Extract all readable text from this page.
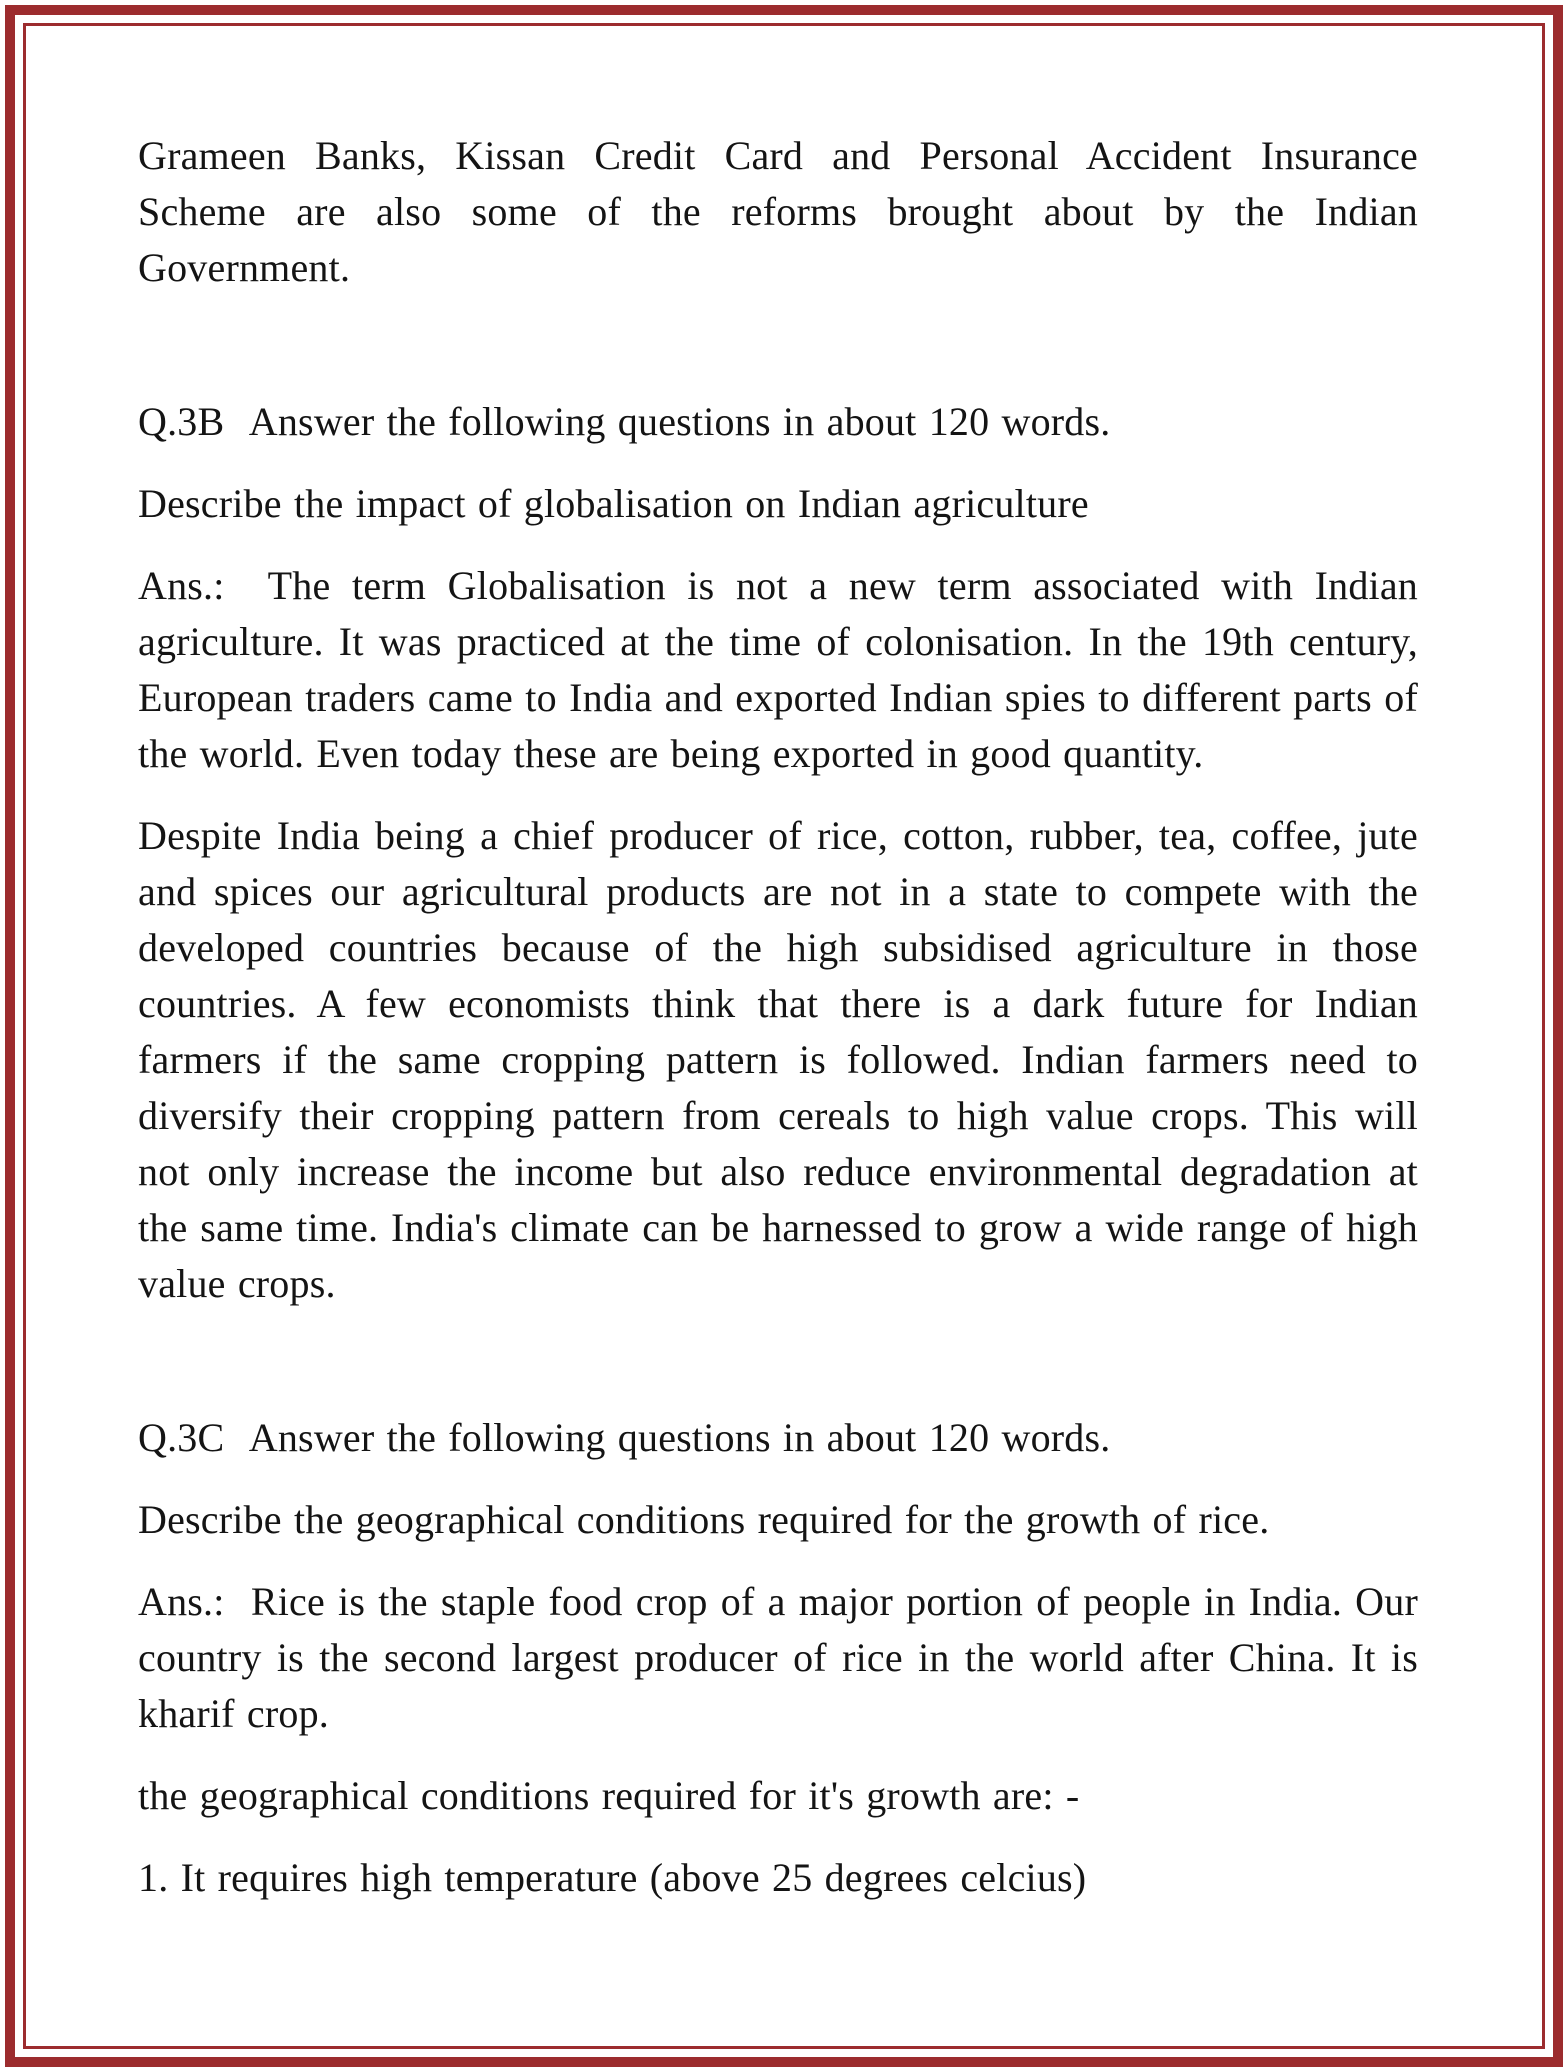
Grameen Banks, Kissan Credit Card and Personal Accident Insurance Scheme are also some of the reforms brought about by the Indian Government.

Q.3B  Answer the following questions in about 120 words.

Describe the impact of globalisation on Indian agriculture

Ans.:  The term Globalisation is not a new term associated with Indian agriculture. It was practiced at the time of colonisation. In the 19th century, European traders came to India and exported Indian spies to different parts of the world. Even today these are being exported in good quantity.

Despite India being a chief producer of rice, cotton, rubber, tea, coffee, jute and spices our agricultural products are not in a state to compete with the developed countries because of the high subsidised agriculture in those countries. A few economists think that there is a dark future for Indian farmers if the same cropping pattern is followed. Indian farmers need to diversify their cropping pattern from cereals to high value crops. This will not only increase the income but also reduce environmental degradation at the same time. India's climate can be harnessed to grow a wide range of high value crops.

Q.3C  Answer the following questions in about 120 words.

Describe the geographical conditions required for the growth of rice.

Ans.:  Rice is the staple food crop of a major portion of people in India. Our country is the second largest producer of rice in the world after China. It is kharif crop.

the geographical conditions required for it's growth are: -

1. It requires high temperature (above 25 degrees celcius)
